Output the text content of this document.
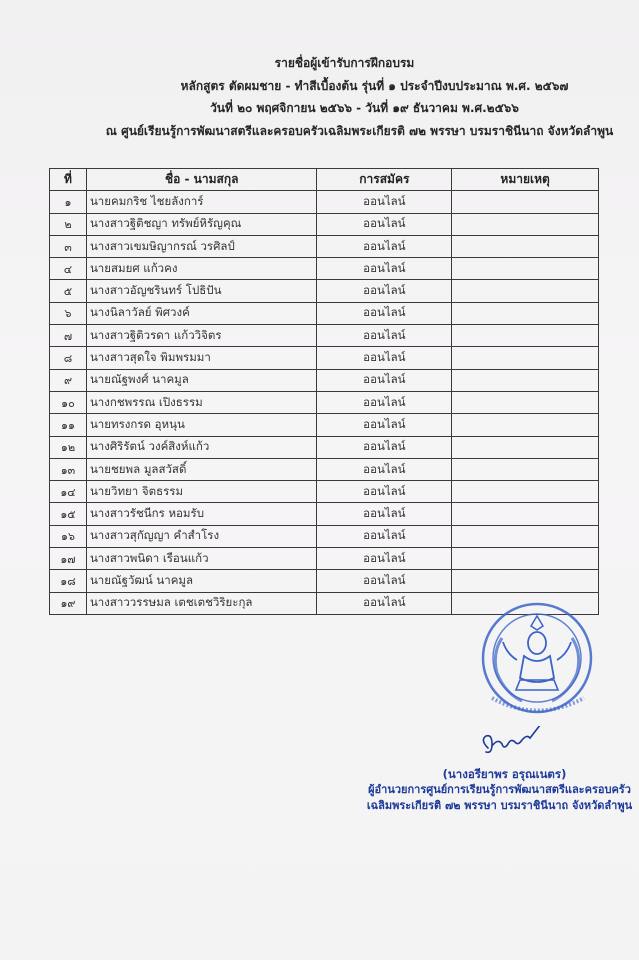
รายชื่อผู้เข้ารับการฝึกอบรม
หลักสูตร ตัดผมชาย - ทำสีเบื้องต้น รุ่นที่ ๑ ประจำปีงบประมาณ พ.ศ. ๒๕๖๗
วันที่ ๒๐ พฤศจิกายน ๒๕๖๖ - วันที่ ๑๙ ธันวาคม พ.ศ.๒๕๖๖
ณ ศูนย์เรียนรู้การพัฒนาสตรีและครอบครัวเฉลิมพระเกียรติ ๗๒ พรรษา บรมราชินีนาถ จังหวัดลำพูน
ที่	ชื่อ - นามสกุล	การสมัคร	หมายเหตุ
๑	นายคมกริช ไชยลังการ์	ออนไลน์	
๒	นางสาวฐิติชญา ทรัพย์หิรัญคุณ	ออนไลน์	
๓	นางสาวเขมษิญากรณ์ วรศิลป์	ออนไลน์	
๔	นายสมยศ แก้วคง	ออนไลน์	
๕	นางสาวอัญชรินทร์ โปธิปัน	ออนไลน์	
๖	นางนิลาวัลย์ พิศวงค์	ออนไลน์	
๗	นางสาวฐิติวรดา แก้ววิจิตร	ออนไลน์	
๘	นางสาวสุดใจ พิมพรมมา	ออนไลน์	
๙	นายณัฐพงศ์ นาคมูล	ออนไลน์	
๑๐	นางกชพรรณ เปิงธรรม	ออนไลน์	
๑๑	นายทรงกรด อุหนุน	ออนไลน์	
๑๒	นางศิริรัตน์ วงค์สิงห์แก้ว	ออนไลน์	
๑๓	นายชยพล มูลสวัสดิ์	ออนไลน์	
๑๔	นายวิทยา จิตธรรม	ออนไลน์	
๑๕	นางสาวรัชนีกร หอมรับ	ออนไลน์	
๑๖	นางสาวสุกัญญา คำสำโรง	ออนไลน์	
๑๗	นางสาวพนิดา เรือนแก้ว	ออนไลน์	
๑๘	นายณัฐวัฒน์ นาคมูล	ออนไลน์	
๑๙	นางสาววรรษมล เตชเตชวิริยะกุล	ออนไลน์	
(นางอรียาพร อรุณเนตร)
ผู้อำนวยการศูนย์การเรียนรู้การพัฒนาสตรีและครอบครัว
เฉลิมพระเกียรติ ๗๒ พรรษา บรมราชินีนาถ จังหวัดลำพูน
